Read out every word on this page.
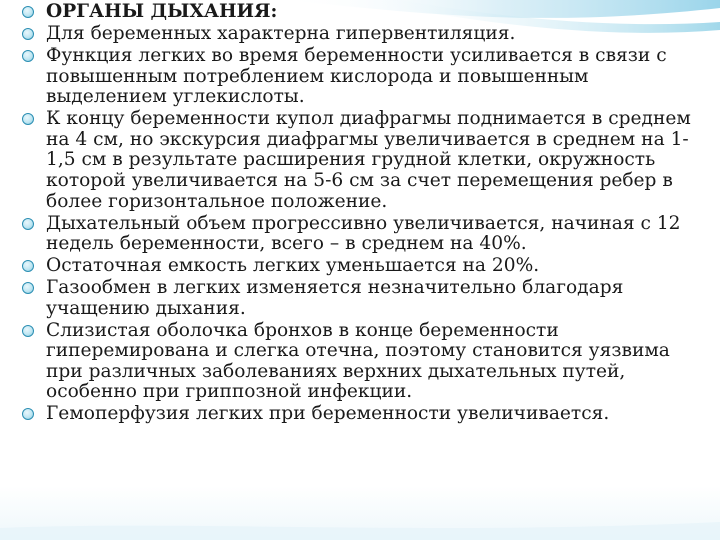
ОРГАНЫ ДЫХАНИЯ:
Для беременных характерна гипервентиляция.
Функция легких во время беременности усиливается в связи с повышенным потреблением кислорода и повышенным выделением углекислоты.
К концу беременности купол диафрагмы поднимается в среднем на 4 см, но экскурсия диафрагмы увеличивается в среднем на 1-1,5 см в результате расширения грудной клетки, окружность которой увеличивается на 5-6 см за счет перемещения ребер в более горизонтальное положение.
Дыхательный объем прогрессивно увеличивается, начиная с 12 недель беременности, всего – в среднем на 40%.
Остаточная емкость легких уменьшается на 20%.
Газообмен в легких изменяется незначительно благодаря учащению дыхания.
Слизистая оболочка бронхов в конце беременности гиперемирована и слегка отечна, поэтому становится уязвима при различных заболеваниях верхних дыхательных путей, особенно при гриппозной инфекции.
Гемоперфузия легких при беременности увеличивается.
